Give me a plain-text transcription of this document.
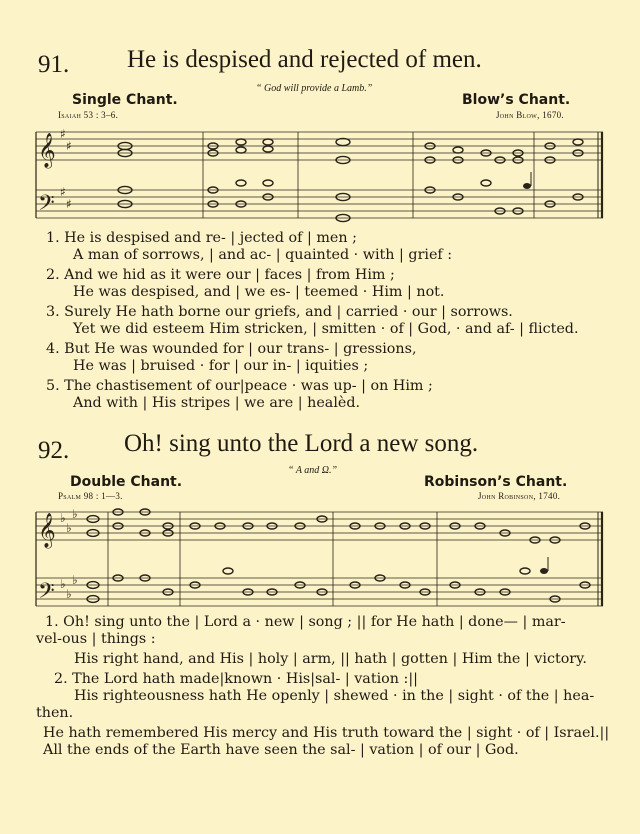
91. He is despised and rejected of men.
“ God will provide a Lamb.”
Single Chant.	Blow’s Chant.
Isaiah 53 : 3–6.	John Blow, 1670.
𝄞
𝄢
♯
♯
♯
♯
1. He is despised and re- | jected of | men ;
A man of sorrows, | and ac- | quainted · with | grief :
2. And we hid as it were our | faces | from Him ;
He was despised, and | we es- | teemed · Him | not.
3. Surely He hath borne our griefs, and | carried · our | sorrows.
Yet we did esteem Him stricken, | smitten · of | God, · and af- | flicted.
4. But He was wounded for | our trans- | gressions,
He was | bruised · for | our in- | iquities ;
5. The chastisement of our|peace · was up- | on Him ;
And with | His stripes | we are | healèd.
92. Oh! sing unto the Lord a new song.
“ A and Ω.”
Double Chant.	Robinson’s Chant.
Psalm 98 : 1—3.	John Robinson, 1740.
𝄞
𝄢
♭
♭
♭
♭
♭
♭
1. Oh! sing unto the | Lord a · new | song ; || for He hath | done— | mar-
vel-ous | things :
His right hand, and His | holy | arm, || hath | gotten | Him the | victory.
2. The Lord hath made|known · His|sal- | vation :||
His righteousness hath He openly | shewed · in the | sight · of the | hea-
then.
He hath remembered His mercy and His truth toward the | sight · of | Israel.||
All the ends of the Earth have seen the sal- | vation | of our | God.
